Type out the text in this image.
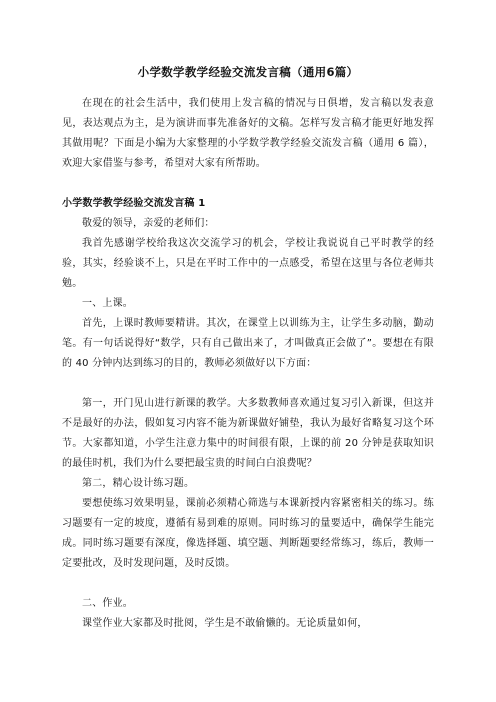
小学数学教学经验交流发言稿（通用6篇）
在现在的社会生活中，我们使用上发言稿的情况与日俱增，发言稿以发表意见，表达观点为主，是为演讲而事先准备好的文稿。怎样写发言稿才能更好地发挥其做用呢？下面是小编为大家整理的小学数学教学经验交流发言稿（通用 6 篇），欢迎大家借鉴与参考，希望对大家有所帮助。
小学数学教学经验交流发言稿 1
敬爱的领导，亲爱的老师们：
我首先感谢学校给我这次交流学习的机会，学校让我说说自己平时教学的经验，其实，经验谈不上，只是在平时工作中的一点感受，希望在这里与各位老师共勉。
一、上课。
首先，上课时教师要精讲。其次，在课堂上以训练为主，让学生多动脑，勤动笔。有一句话说得好“数学，只有自己做出来了，才叫做真正会做了”。要想在有限的 40 分钟内达到练习的目的，教师必须做好以下方面：
第一，开门见山进行新课的教学。大多数教师喜欢通过复习引入新课，但这并不是最好的办法，假如复习内容不能为新课做好铺垫，我认为最好省略复习这个环节。大家都知道，小学生注意力集中的时间很有限，上课的前 20 分钟是获取知识的最佳时机，我们为什么要把最宝贵的时间白白浪费呢？
第二，精心设计练习题。
要想使练习效果明显，课前必须精心筛选与本课新授内容紧密相关的练习。练习题要有一定的坡度，遵循有易到难的原则。同时练习的量要适中，确保学生能完成。同时练习题要有深度，像选择题、填空题、判断题要经常练习，练后，教师一定要批改，及时发现问题，及时反馈。
二、作业。
课堂作业大家都及时批阅，学生是不敢偷懒的。无论质量如何，
